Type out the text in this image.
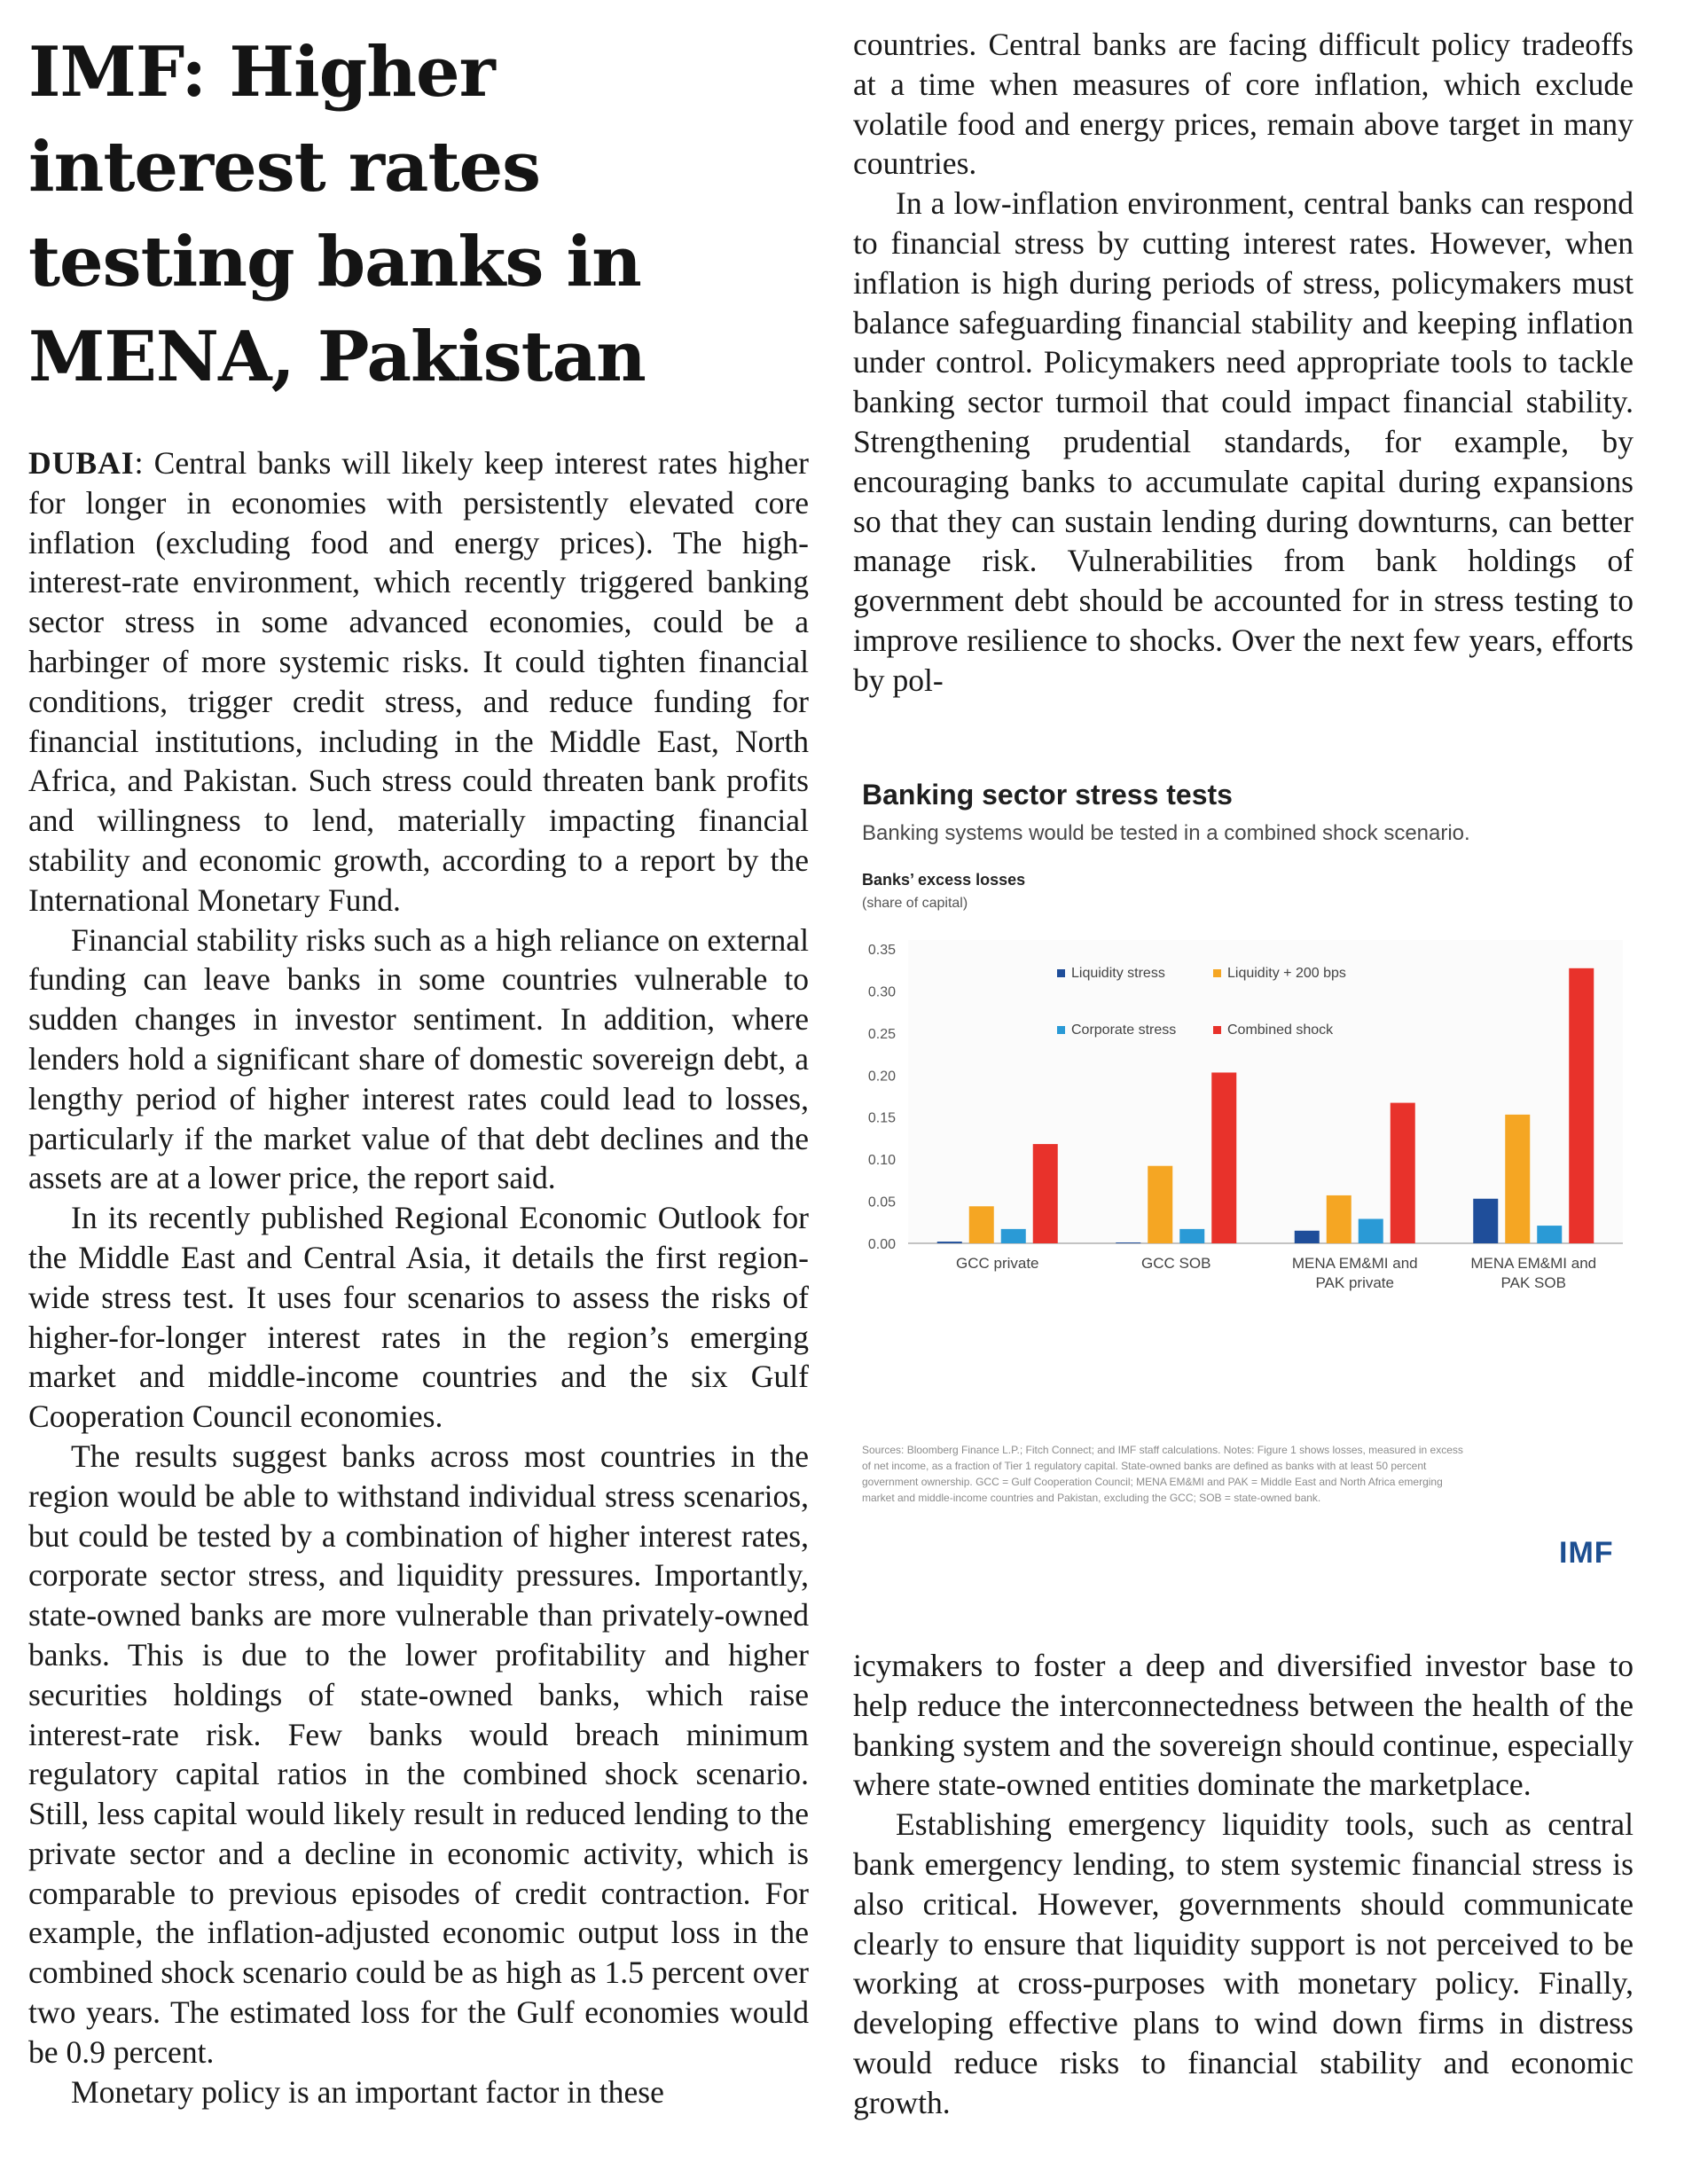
IMF: Higher interest rates testing banks in MENA, Pakistan

DUBAI: Central banks will likely keep interest rates higher for longer in economies with persistently elevated core inflation (excluding food and energy prices). The high-interest-rate environment, which recently triggered banking sector stress in some advanced economies, could be a harbinger of more systemic risks. It could tighten financial conditions, trigger credit stress, and reduce funding for financial institutions, including in the Middle East, North Africa, and Pakistan. Such stress could threaten bank profits and willingness to lend, materially impacting financial stability and economic growth, according to a report by the International Monetary Fund.

Financial stability risks such as a high reliance on external funding can leave banks in some countries vulnerable to sudden changes in investor sentiment. In addition, where lenders hold a significant share of domestic sovereign debt, a lengthy period of higher interest rates could lead to losses, particularly if the market value of that debt declines and the assets are at a lower price, the report said.

In its recently published Regional Economic Outlook for the Middle East and Central Asia, it details the first region-wide stress test. It uses four scenarios to assess the risks of higher-for-longer interest rates in the region’s emerging market and middle-income countries and the six Gulf Cooperation Council economies.

The results suggest banks across most countries in the region would be able to withstand individual stress scenarios, but could be tested by a combination of higher interest rates, corporate sector stress, and liquidity pressures. Importantly, state-owned banks are more vulnerable than privately-owned banks. This is due to the lower profitability and higher securities holdings of state-owned banks, which raise interest-rate risk. Few banks would breach minimum regulatory capital ratios in the combined shock scenario. Still, less capital would likely result in reduced lending to the private sector and a decline in economic activity, which is comparable to previous episodes of credit contraction. For example, the inflation-adjusted economic output loss in the combined shock scenario could be as high as 1.5 percent over two years. The estimated loss for the Gulf economies would be 0.9 percent.

Monetary policy is an important factor in these

countries. Central banks are facing difficult policy tradeoffs at a time when measures of core inflation, which exclude volatile food and energy prices, remain above target in many countries.

In a low-inflation environment, central banks can respond to financial stress by cutting interest rates. However, when inflation is high during periods of stress, policymakers must balance safeguarding financial stability and keeping inflation under control. Policymakers need appropriate tools to tackle banking sector turmoil that could impact financial stability. Strengthening prudential standards, for example, by encouraging banks to accumulate capital during expansions so that they can sustain lending during downturns, can better manage risk. Vulnerabilities from bank holdings of government debt should be accounted for in stress testing to improve resilience to shocks. Over the next few years, efforts by pol-

Banking sector stress tests
Banking systems would be tested in a combined shock scenario.
Banks’ excess losses
(share of capital)
0.00
0.05
0.10
0.15
0.20
0.25
0.30
0.35
GCC private	GCC SOB	MENA EM&MI and
PAK private
MENA EM&MI and
PAK SOB
Liquidity stress	Liquidity + 200 bps
Corporate stress	Combined shock
Sources: Bloomberg Finance L.P.; Fitch Connect; and IMF staff calculations. Notes: Figure 1 shows losses, measured in excess of net income, as a fraction of Tier 1 regulatory capital. State-owned banks are defined as banks with at least 50 percent government ownership. GCC = Gulf Cooperation Council; MENA EM&MI and PAK = Middle East and North Africa emerging market and middle-income countries and Pakistan, excluding the GCC; SOB = state-owned bank.
IMF

icymakers to foster a deep and diversified investor base to help reduce the interconnectedness between the health of the banking system and the sovereign should continue, especially where state-owned entities dominate the marketplace.

Establishing emergency liquidity tools, such as central bank emergency lending, to stem systemic financial stress is also critical. However, governments should communicate clearly to ensure that liquidity support is not perceived to be working at cross-purposes with monetary policy. Finally, developing effective plans to wind down firms in distress would reduce risks to financial stability and economic growth.
